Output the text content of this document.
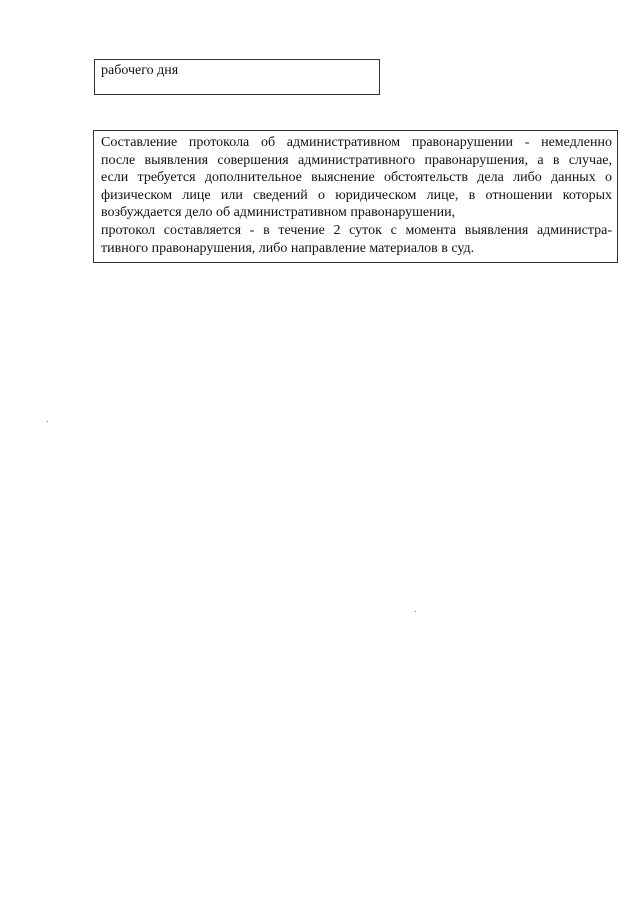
рабочего дня
Составление протокола об административном правонарушении - немедленно
после выявления совершения административного правонарушения, а в случае,
если требуется дополнительное выяснение обстоятельств дела либо данных о
физическом лице или сведений о юридическом лице, в отношении которых
возбуждается дело об административном правонарушении,
протокол составляется - в течение 2 суток с момента выявления администра-
тивного правонарушения, либо направление материалов в суд.
